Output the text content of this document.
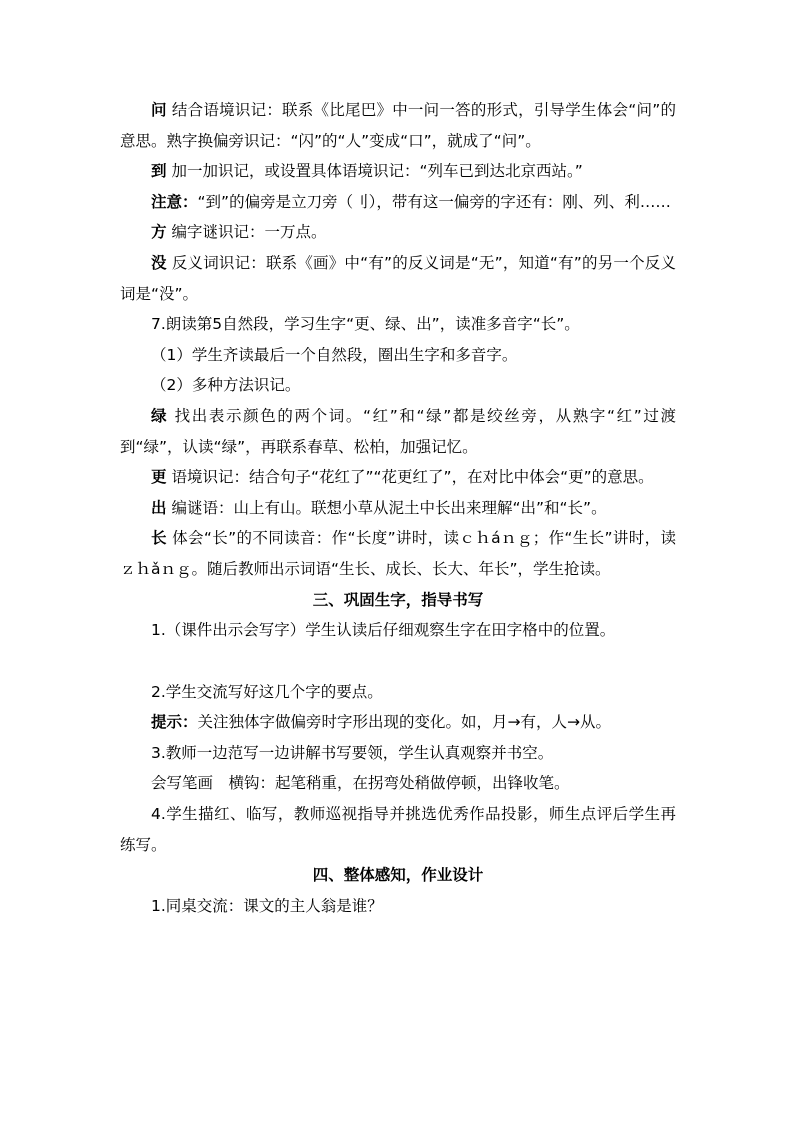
问 结合语境识记：联系《比尾巴》中一问一答的形式，引导学生体会“问”的意思。熟字换偏旁识记：“闪”的“人”变成“口”，就成了“问”。

到 加一加识记，或设置具体语境识记：“列车已到达北京西站。”

注意：“到”的偏旁是立刀旁（刂），带有这一偏旁的字还有：刚、列、利……

方 编字谜识记：一万点。

没 反义词识记：联系《画》中“有”的反义词是“无”，知道“有”的另一个反义词是“没”。

7.朗读第5自然段，学习生字“更、绿、出”，读准多音字“长”。

（1）学生齐读最后一个自然段，圈出生字和多音字。

（2）多种方法识记。

绿 找出表示颜色的两个词。“红”和“绿”都是绞丝旁，从熟字“红”过渡到“绿”，认读“绿”，再联系春草、松柏，加强记忆。

更 语境识记：结合句子“花红了”“花更红了”，在对比中体会“更”的意思。

出 编谜语：山上有山。联想小草从泥土中长出来理解“出”和“长”。

长 体会“长”的不同读音：作“长度”讲时，读ｃｈáｎｇ；作“生长”讲时，读ｚｈǎｎｇ。随后教师出示词语“生长、成长、长大、年长”，学生抢读。

三、巩固生字，指导书写

1.（课件出示会写字）学生认读后仔细观察生字在田字格中的位置。

2.学生交流写好这几个字的要点。

提示：关注独体字做偏旁时字形出现的变化。如，月→有，人→从。

3.教师一边范写一边讲解书写要领，学生认真观察并书空。

会写笔画　横钩：起笔稍重，在拐弯处稍做停顿，出锋收笔。

4.学生描红、临写，教师巡视指导并挑选优秀作品投影，师生点评后学生再练写。

四、整体感知，作业设计

1.同桌交流：课文的主人翁是谁？
